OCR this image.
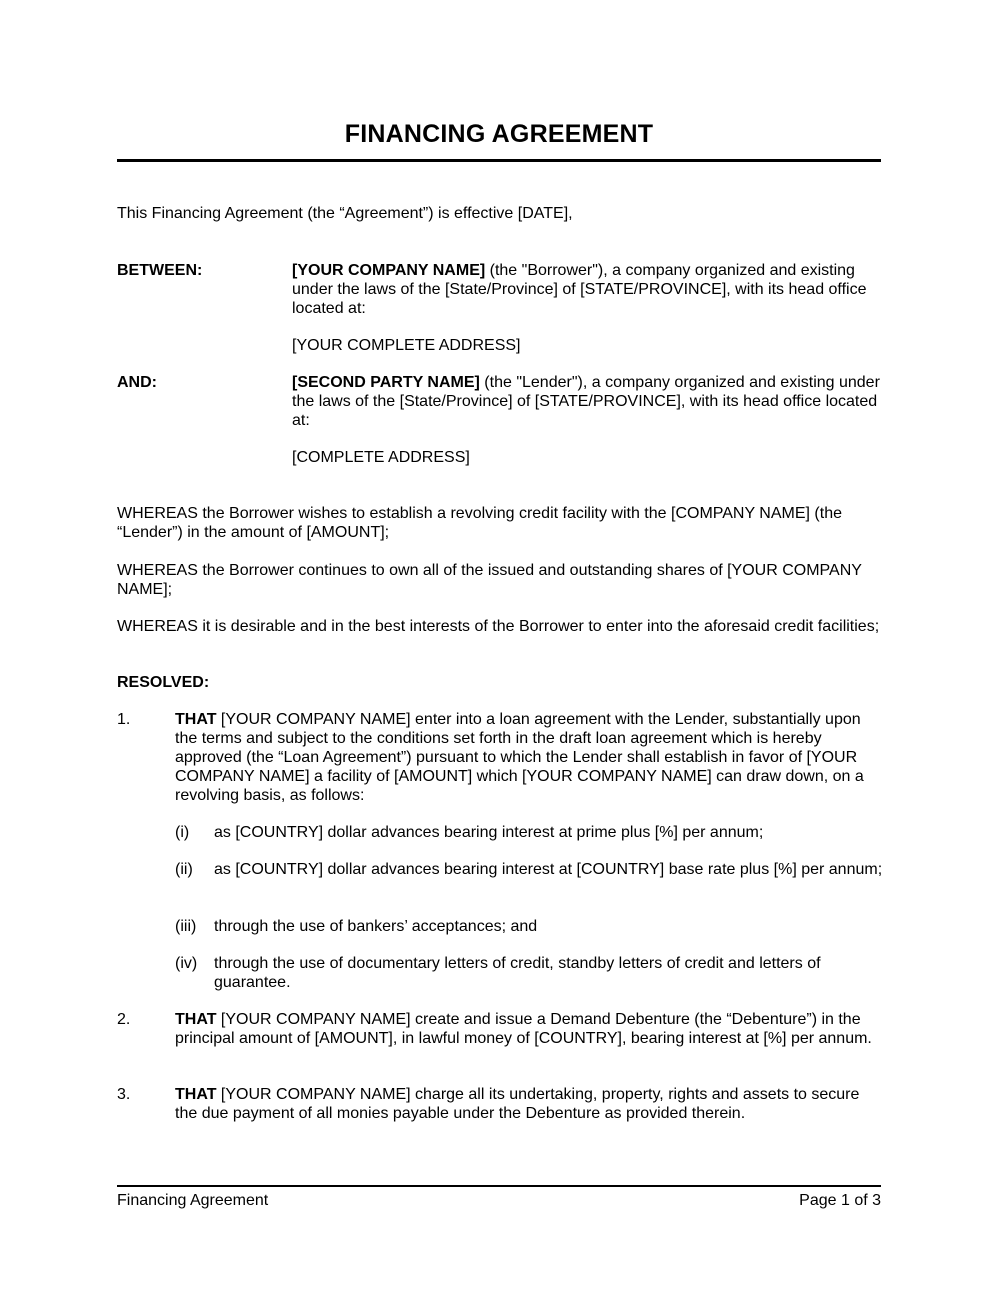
FINANCING AGREEMENT

This Financing Agreement (the “Agreement”) is effective [DATE],

BETWEEN:	[YOUR COMPANY NAME] (the "Borrower"), a company organized and existing under the laws of the [State/Province] of [STATE/PROVINCE], with its head office located at:

[YOUR COMPLETE ADDRESS]

AND:	[SECOND PARTY NAME] (the "Lender"), a company organized and existing under the laws of the [State/Province] of [STATE/PROVINCE], with its head office located at:

[COMPLETE ADDRESS]

WHEREAS the Borrower wishes to establish a revolving credit facility with the [COMPANY NAME] (the “Lender”) in the amount of [AMOUNT];

WHEREAS the Borrower continues to own all of the issued and outstanding shares of [YOUR COMPANY NAME];

WHEREAS it is desirable and in the best interests of the Borrower to enter into the aforesaid credit facilities;

RESOLVED:
1.	THAT [YOUR COMPANY NAME] enter into a loan agreement with the Lender, substantially upon the terms and subject to the conditions set forth in the draft loan agreement which is hereby approved (the “Loan Agreement”) pursuant to which the Lender shall establish in favor of [YOUR COMPANY NAME] a facility of [AMOUNT] which [YOUR COMPANY NAME] can draw down, on a revolving basis, as follows:

(i) as [COUNTRY] dollar advances bearing interest at prime plus [%] per annum;

(ii) as [COUNTRY] dollar advances bearing interest at [COUNTRY] base rate plus [%] per annum;

(iii) through the use of bankers’ acceptances; and

(iv) through the use of documentary letters of credit, standby letters of credit and letters of guarantee.

2.	THAT [YOUR COMPANY NAME] create and issue a Demand Debenture (the “Debenture”) in the principal amount of [AMOUNT], in lawful money of [COUNTRY], bearing interest at [%] per annum.

3.	THAT [YOUR COMPANY NAME] charge all its undertaking, property, rights and assets to secure the due payment of all monies payable under the Debenture as provided therein.

Financing Agreement	Page 1 of 3
